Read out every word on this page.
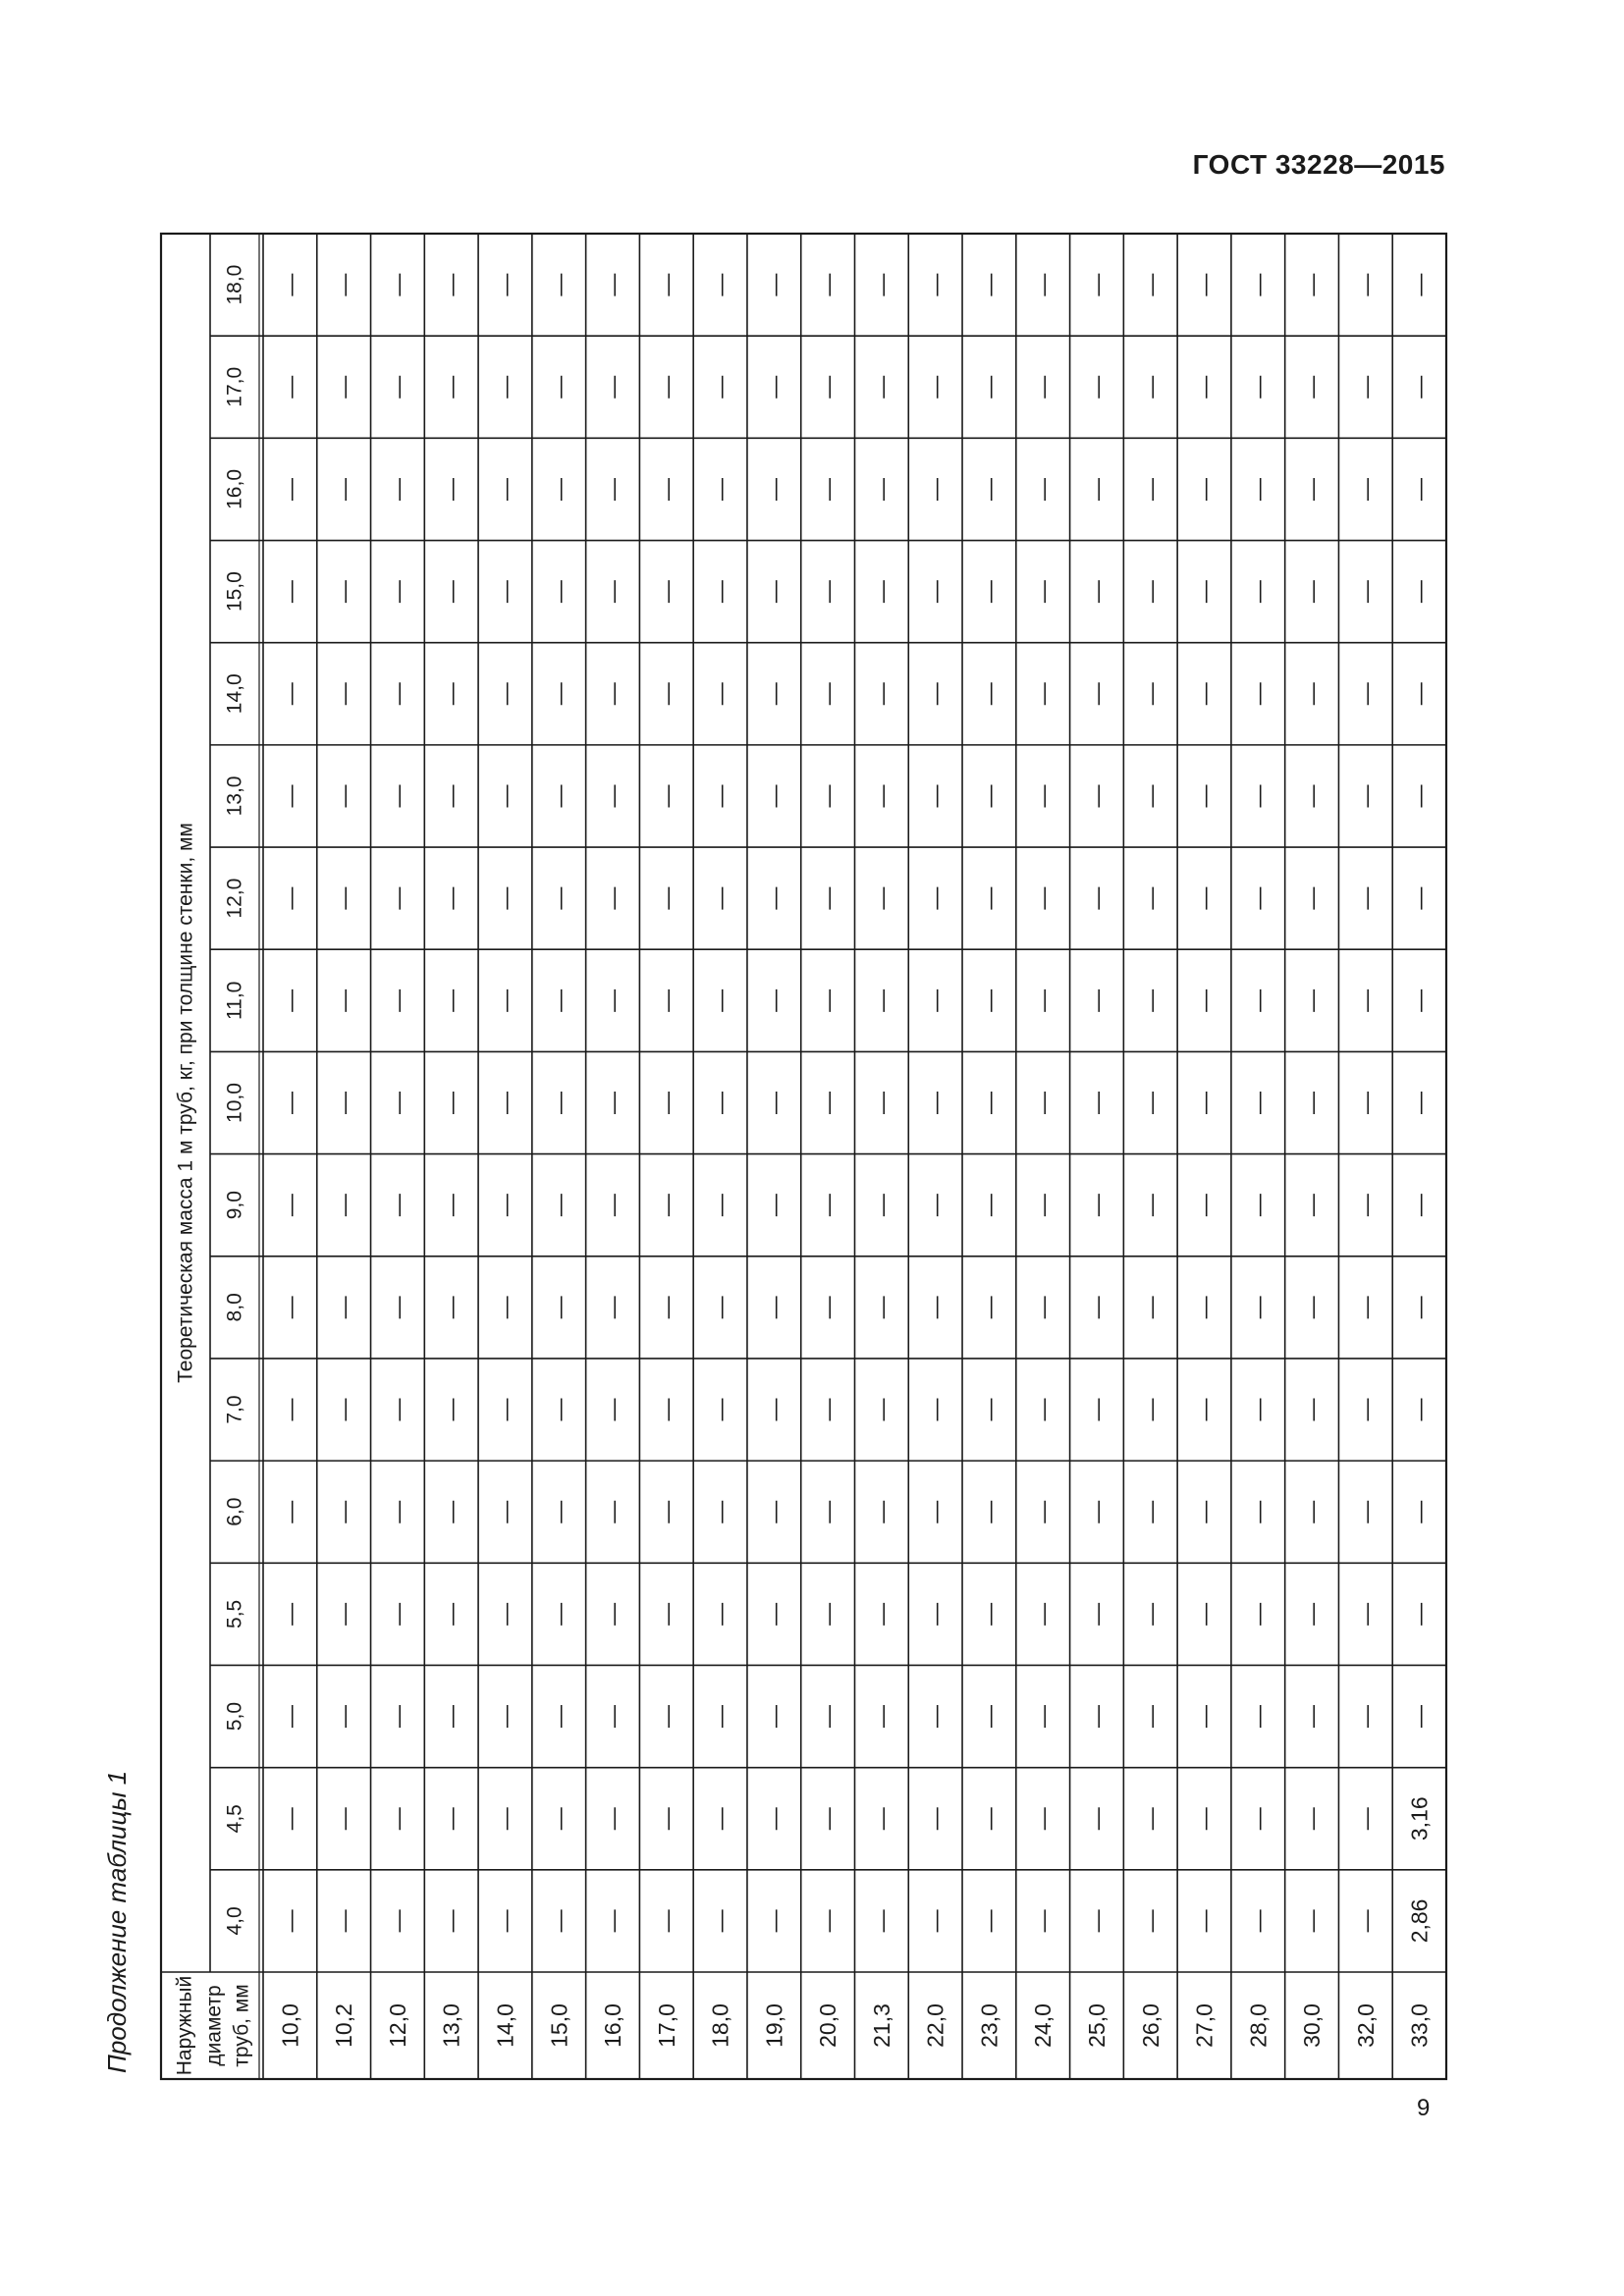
ГОСТ 33228—2015
Продолжение таблицы 1
9
Теоретическая масса 1 м труб, кг, при толщине стенки, мм
Наружный диаметр труб, мм
4,0
4,5
5,0
5,5
6,0
7,0
8,0
9,0
10,0
11,0
12,0
13,0
14,0
15,0
16,0
17,0
18,0
10,0
—
—
—
—
—
—
—
—
—
—
—
—
—
—
—
—
—
10,2
—
—
—
—
—
—
—
—
—
—
—
—
—
—
—
—
—
12,0
—
—
—
—
—
—
—
—
—
—
—
—
—
—
—
—
—
13,0
—
—
—
—
—
—
—
—
—
—
—
—
—
—
—
—
—
14,0
—
—
—
—
—
—
—
—
—
—
—
—
—
—
—
—
—
15,0
—
—
—
—
—
—
—
—
—
—
—
—
—
—
—
—
—
16,0
—
—
—
—
—
—
—
—
—
—
—
—
—
—
—
—
—
17,0
—
—
—
—
—
—
—
—
—
—
—
—
—
—
—
—
—
18,0
—
—
—
—
—
—
—
—
—
—
—
—
—
—
—
—
—
19,0
—
—
—
—
—
—
—
—
—
—
—
—
—
—
—
—
—
20,0
—
—
—
—
—
—
—
—
—
—
—
—
—
—
—
—
—
21,3
—
—
—
—
—
—
—
—
—
—
—
—
—
—
—
—
—
22,0
—
—
—
—
—
—
—
—
—
—
—
—
—
—
—
—
—
23,0
—
—
—
—
—
—
—
—
—
—
—
—
—
—
—
—
—
24,0
—
—
—
—
—
—
—
—
—
—
—
—
—
—
—
—
—
25,0
—
—
—
—
—
—
—
—
—
—
—
—
—
—
—
—
—
26,0
—
—
—
—
—
—
—
—
—
—
—
—
—
—
—
—
—
27,0
—
—
—
—
—
—
—
—
—
—
—
—
—
—
—
—
—
28,0
—
—
—
—
—
—
—
—
—
—
—
—
—
—
—
—
—
30,0
—
—
—
—
—
—
—
—
—
—
—
—
—
—
—
—
—
32,0
—
—
—
—
—
—
—
—
—
—
—
—
—
—
—
—
—
33,0
2,86
3,16
—
—
—
—
—
—
—
—
—
—
—
—
—
—
—
